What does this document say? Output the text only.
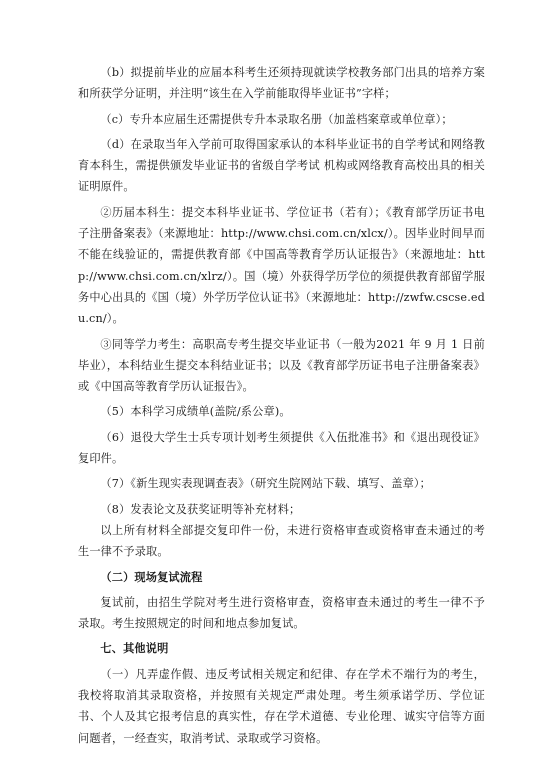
（b）拟提前毕业的应届本科考生还须持现就读学校教务部门出具的培养方案和所获学分证明，并注明“该生在入学前能取得毕业证书”字样；

（c）专升本应届生还需提供专升本录取名册（加盖档案章或单位章）；

（d）在录取当年入学前可取得国家承认的本科毕业证书的自学考试和网络教育本科生，需提供颁发毕业证书的省级自学考试 机构或网络教育高校出具的相关证明原件。

②历届本科生：提交本科毕业证书、学位证书（若有）；《教育部学历证书电子注册备案表》（来源地址：http://www.chsi.com.cn/xlcx/）。因毕业时间早而不能在线验证的，需提供教育部《中国高等教育学历认证报告》（来源地址：http://www.chsi.com.cn/xlrz/）。国（境）外获得学历学位的须提供教育部留学服务中心出具的《国（境）外学历学位认证书》（来源地址：http://zwfw.cscse.edu.cn/）。

③同等学力考生：高职高专考生提交毕业证书（一般为2021 年 9 月 1 日前毕业），本科结业生提交本科结业证书；以及《教育部学历证书电子注册备案表》或《中国高等教育学历认证报告》。

（5）本科学习成绩单(盖院/系公章)。

（6）退役大学生士兵专项计划考生须提供《入伍批准书》和《退出现役证》复印件。

（7）《新生现实表现调查表》（研究生院网站下载、填写、盖章）；

（8）发表论文及获奖证明等补充材料；

以上所有材料全部提交复印件一份，未进行资格审查或资格审查未通过的考生一律不予录取。

（二）现场复试流程

复试前，由招生学院对考生进行资格审查，资格审查未通过的考生一律不予录取。考生按照规定的时间和地点参加复试。

七、其他说明

（一）凡弄虚作假、违反考试相关规定和纪律、存在学术不端行为的考生，我校将取消其录取资格，并按照有关规定严肃处理。考生须承诺学历、学位证书、个人及其它报考信息的真实性，存在学术道德、专业伦理、诚实守信等方面问题者，一经查实，取消考试、录取或学习资格。
